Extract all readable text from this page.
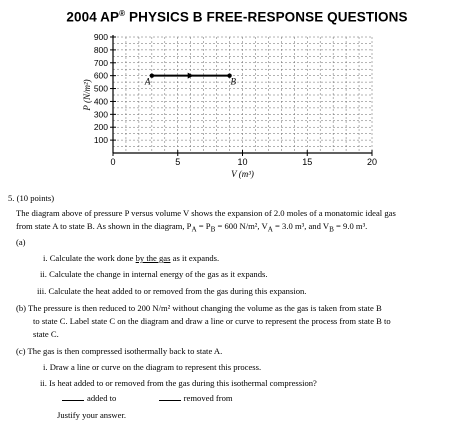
2004 AP® PHYSICS B FREE-RESPONSE QUESTIONS
100
200
300
400
500
600
700
800
900
0	5	10	15	20
V (m³)
P (N/m²)	A	B
5. (10 points)
The diagram above of pressure P versus volume V shows the expansion of 2.0 moles of a monatomic ideal gas
from state A to state B. As shown in the diagram, $P_A = P_B = 600$ N/m², $V_A = 3.0$ m³, and $V_B = 9.0$ m³.
(a)
i. Calculate the work done by the gas as it expands.
ii. Calculate the change in internal energy of the gas as it expands.
iii. Calculate the heat added to or removed from the gas during this expansion.
(b) The pressure is then reduced to 200 N/m² without changing the volume as the gas is taken from state B
to state C. Label state C on the diagram and draw a line or curve to represent the process from state B to
state C.
(c) The gas is then compressed isothermally back to state A.
i. Draw a line or curve on the diagram to represent this process.
ii. Is heat added to or removed from the gas during this isothermal compression?
added to	removed from
Justify your answer.
